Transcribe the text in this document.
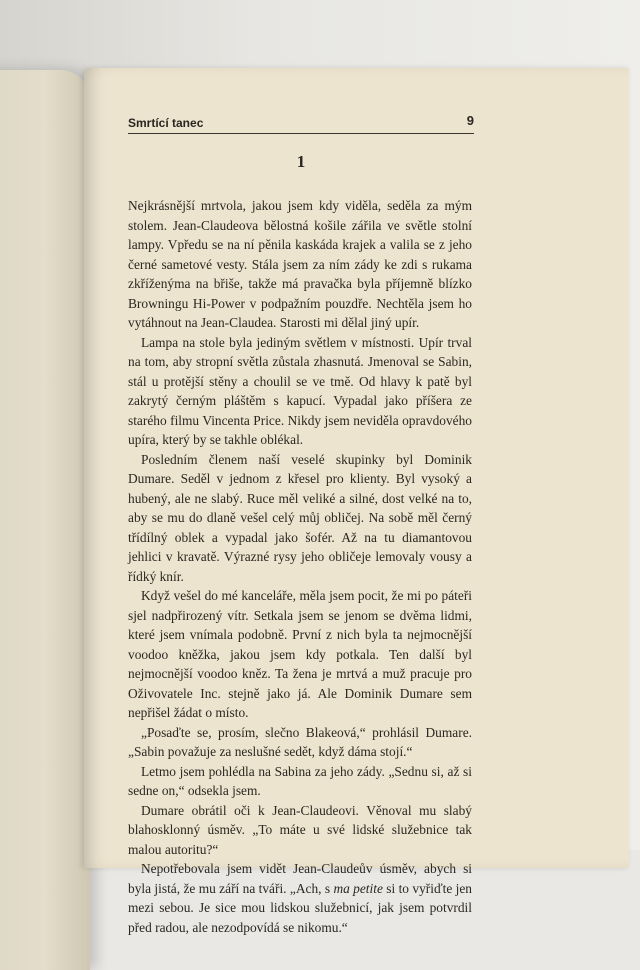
Smrtící tanec	9
1

Nejkrásnější mrtvola, jakou jsem kdy viděla, seděla za mým stolem. Jean-Claudeova bělostná košile zářila ve světle stolní lampy. Vpředu se na ní pěnila kaskáda krajek a valila se z jeho černé sametové vesty. Stála jsem za ním zády ke zdi s rukama zkříženýma na břiše, takže má pravačka byla příjemně blízko Browningu Hi-Power v podpažním pouzdře. Nechtěla jsem ho vytáhnout na Jean-Claudea. Starosti mi dělal jiný upír.

Lampa na stole byla jediným světlem v místnosti. Upír trval na tom, aby stropní světla zůstala zhasnutá. Jmenoval se Sabin, stál u protější stěny a choulil se ve tmě. Od hlavy k patě byl zakrytý černým pláštěm s kapucí. Vypadal jako příšera ze starého filmu Vincenta Price. Nikdy jsem neviděla opravdového upíra, který by se takhle oblékal.

Posledním členem naší veselé skupinky byl Dominik Dumare. Seděl v jednom z křesel pro klienty. Byl vysoký a hubený, ale ne slabý. Ruce měl veliké a silné, dost velké na to, aby se mu do dlaně vešel celý můj obličej. Na sobě měl černý třídílný oblek a vypadal jako šofér. Až na tu diamantovou jehlici v kravatě. Výrazné rysy jeho obličeje lemovaly vousy a řídký knír.

Když vešel do mé kanceláře, měla jsem pocit, že mi po páteři sjel nadpřirozený vítr. Setkala jsem se jenom se dvěma lidmi, které jsem vnímala podobně. První z nich byla ta nejmocnější voodoo kněžka, jakou jsem kdy potkala. Ten další byl nejmocnější voodoo kněz. Ta žena je mrtvá a muž pracuje pro Oživovatele Inc. stejně jako já. Ale Dominik Dumare sem nepřišel žádat o místo.

„Posaďte se, prosím, slečno Blakeová,“ prohlásil Dumare. „Sabin považuje za neslušné sedět, když dáma stojí.“

Letmo jsem pohlédla na Sabina za jeho zády. „Sednu si, až si sedne on,“ odsekla jsem.

Dumare obrátil oči k Jean-Claudeovi. Věnoval mu slabý blahosklonný úsměv. „To máte u své lidské služebnice tak malou autoritu?“

Nepotřebovala jsem vidět Jean-Claudeův úsměv, abych si byla jistá, že mu září na tváři. „Ach, s ma petite si to vyřiďte jen mezi sebou. Je sice mou lidskou služebnicí, jak jsem potvrdil před radou, ale nezodpovídá se nikomu.“
